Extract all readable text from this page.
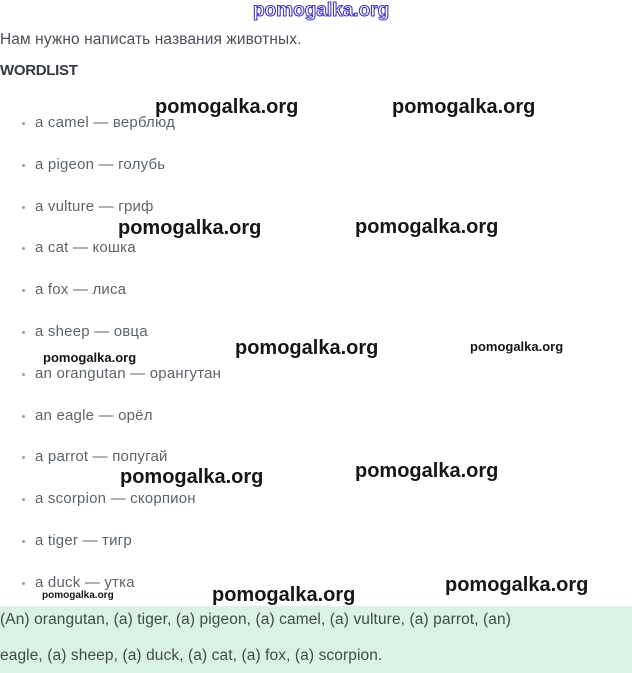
pomogalka.org
Нам нужно написать названия животных.
WORDLIST
a camel — верблюд
a pigeon — голубь
a vulture — гриф
a cat — кошка
a fox — лиса
a sheep — овца
an orangutan — орангутан
an eagle — орёл
a parrot — попугай
a scorpion — скорпион
a tiger — тигр
a duck — утка
pomogalka.org	pomogalka.org
pomogalka.org	pomogalka.org
pomogalka.org	pomogalka.org
pomogalka.org
pomogalka.org	pomogalka.org
pomogalka.org	pomogalka.org	pomogalka.org
(An) orangutan, (a) tiger, (a) pigeon, (a) camel, (a) vulture, (a) parrot, (an)
eagle, (a) sheep, (a) duck, (a) cat, (a) fox, (a) scorpion.
